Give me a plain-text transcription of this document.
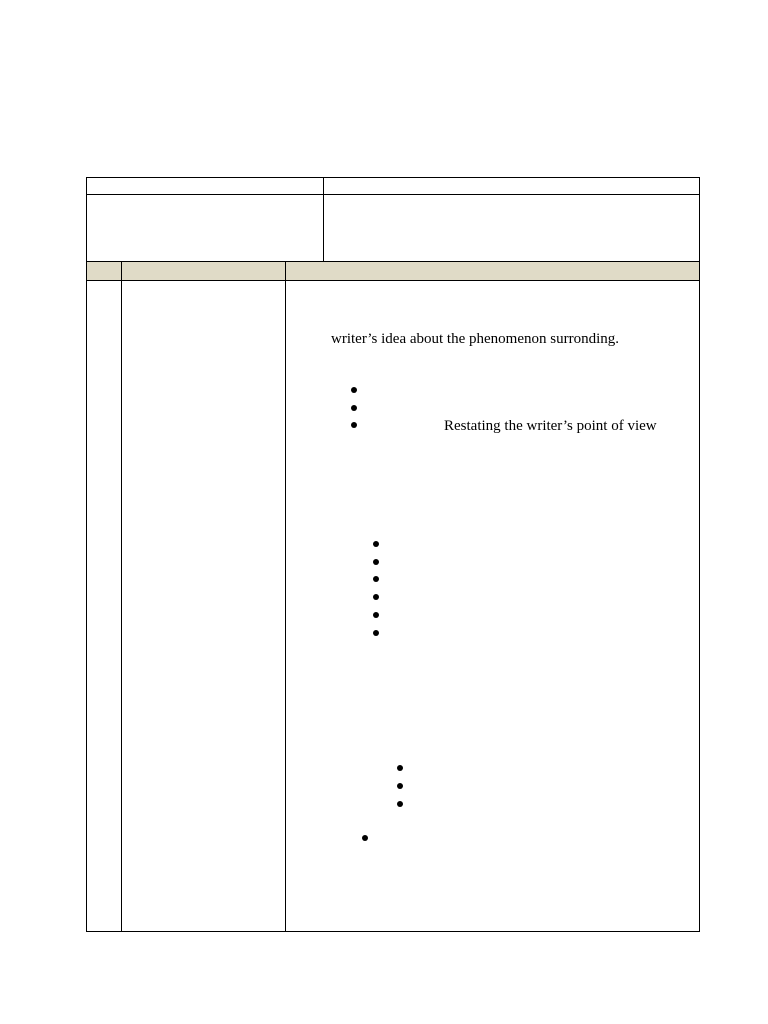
writer’s idea about the phenomenon surronding.
Restating the writer’s point of view
